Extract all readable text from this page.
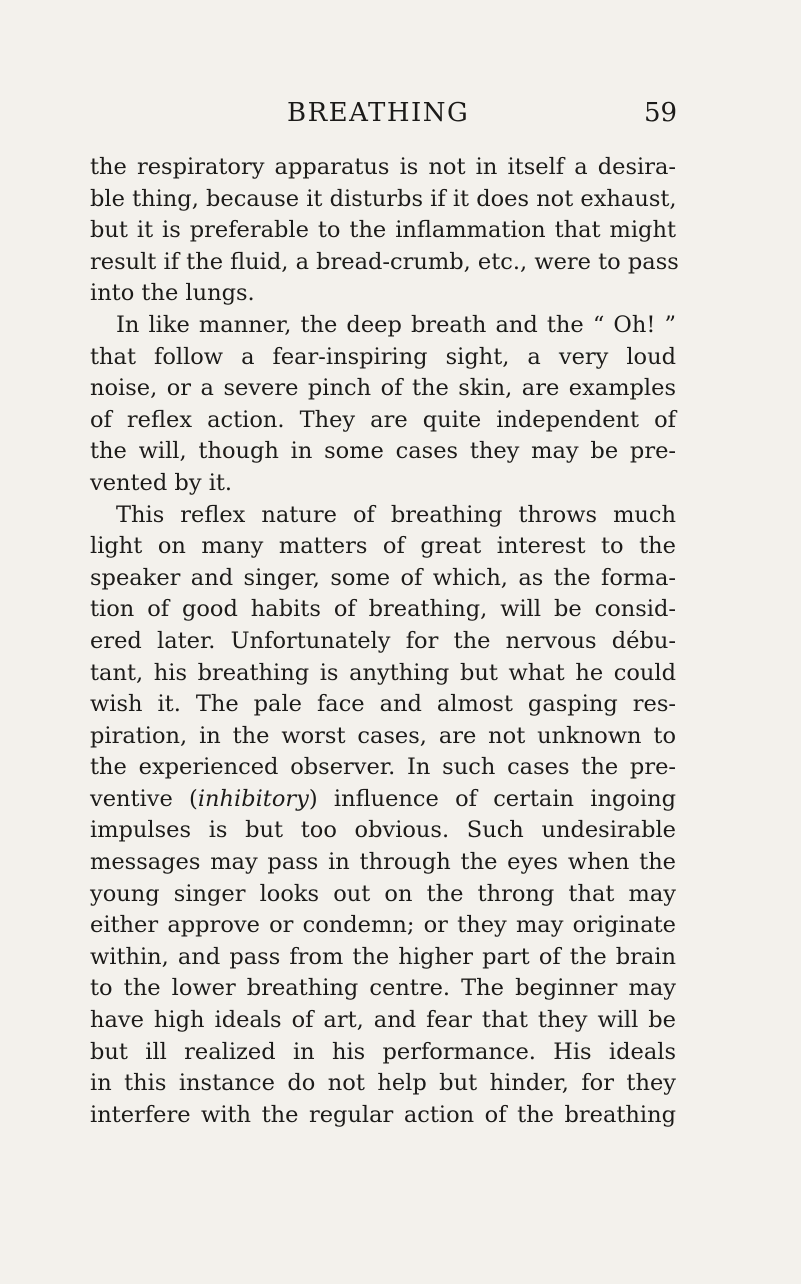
BREATHING	59
the respiratory apparatus is not in itself a desira-
ble thing, because it disturbs if it does not exhaust,
but it is preferable to the inflammation that might
result if the fluid, a bread-crumb, etc., were to pass
into the lungs.
In like manner, the deep breath and the “ Oh! ”
that follow a fear-inspiring sight, a very loud
noise, or a severe pinch of the skin, are examples
of reflex action. They are quite independent of
the will, though in some cases they may be pre-
vented by it.
This reflex nature of breathing throws much
light on many matters of great interest to the
speaker and singer, some of which, as the forma-
tion of good habits of breathing, will be consid-
ered later. Unfortunately for the nervous débu-
tant, his breathing is anything but what he could
wish it. The pale face and almost gasping res-
piration, in the worst cases, are not unknown to
the experienced observer. In such cases the pre-
ventive (inhibitory) influence of certain ingoing
impulses is but too obvious. Such undesirable
messages may pass in through the eyes when the
young singer looks out on the throng that may
either approve or condemn; or they may originate
within, and pass from the higher part of the brain
to the lower breathing centre. The beginner may
have high ideals of art, and fear that they will be
but ill realized in his performance. His ideals
in this instance do not help but hinder, for they
interfere with the regular action of the breathing
